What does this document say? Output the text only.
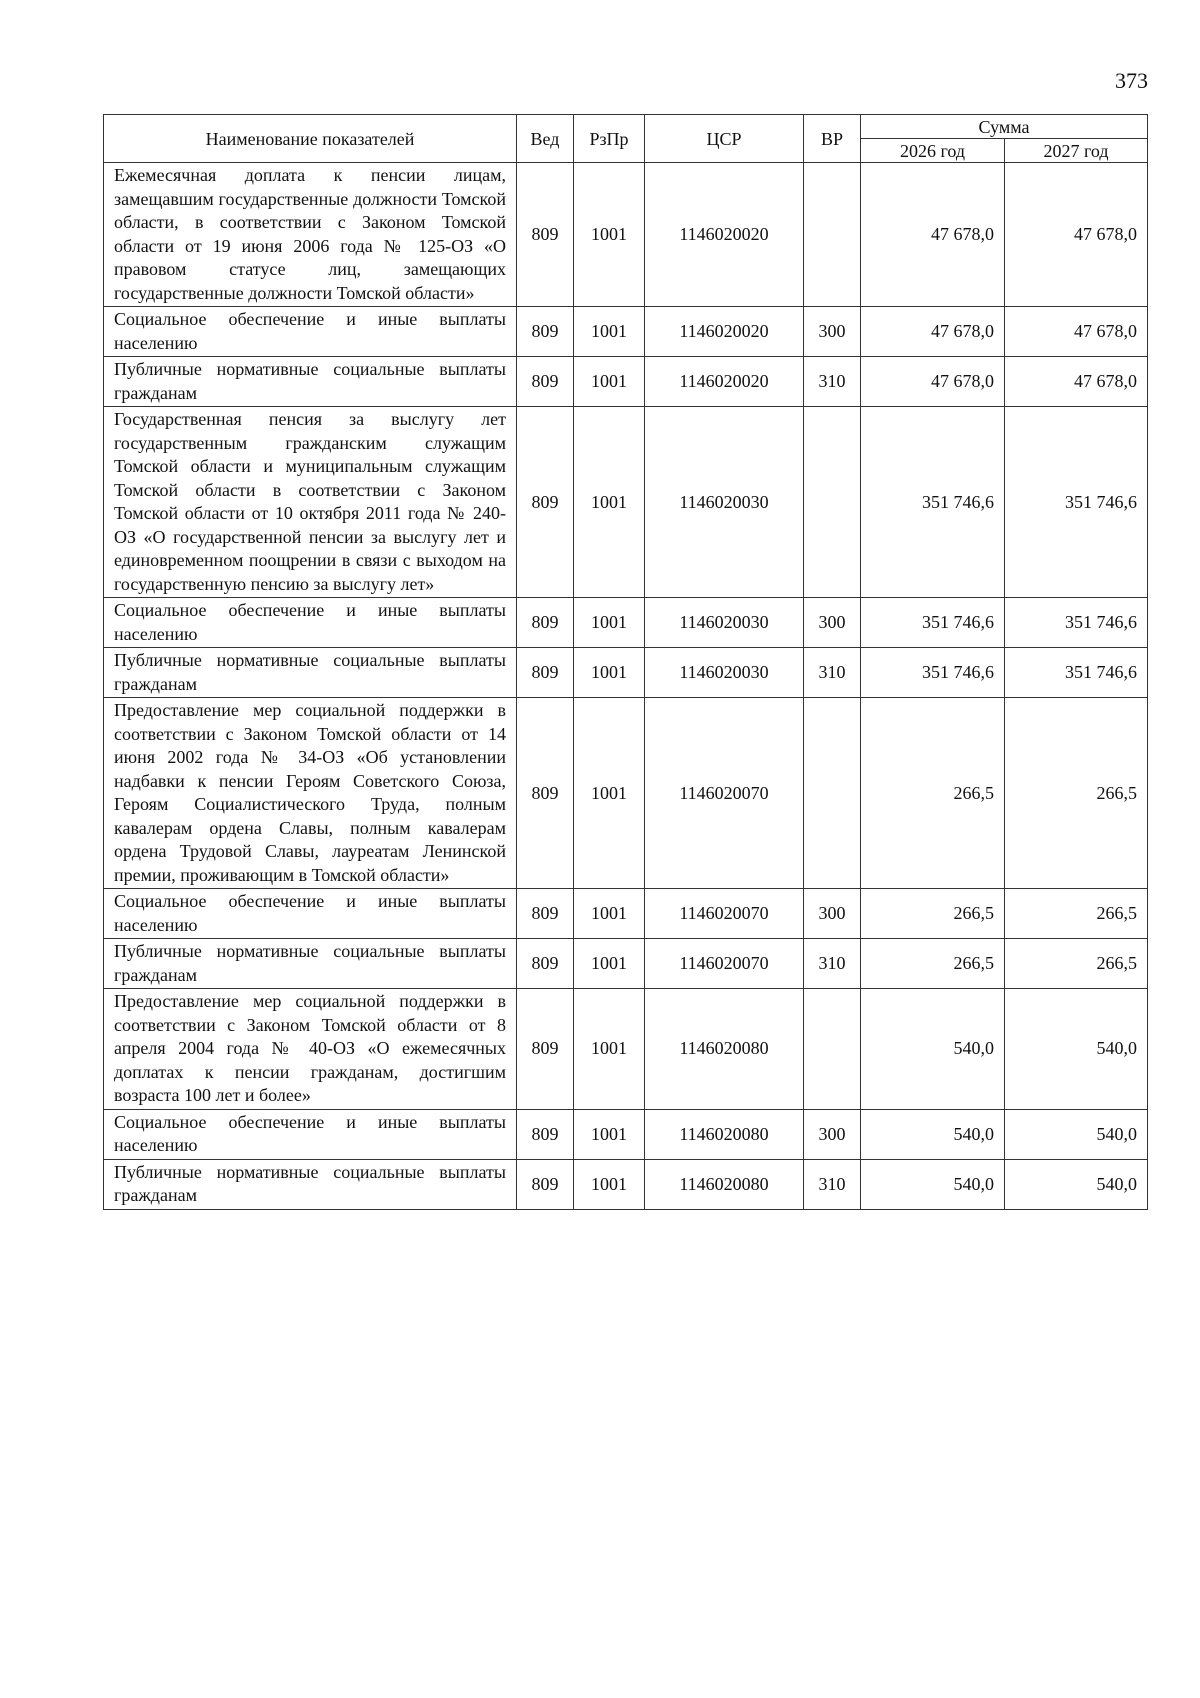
373
Наименование показателей	Вед	РзПр	ЦСР	ВР	Сумма	
					2026 год	2027 год
Ежемесячная доплата к пенсии лицам, замещавшим государственные должности Томской области, в соответствии с Законом Томской области от 19 июня 2006 года № 125-ОЗ «О правовом статусе лиц, замещающих государственные должности Томской области»	809	1001	1146020020		47 678,0	47 678,0
Социальное обеспечение и иные выплаты населению	809	1001	1146020020	300	47 678,0	47 678,0
Публичные нормативные социальные выплаты гражданам	809	1001	1146020020	310	47 678,0	47 678,0
Государственная пенсия за выслугу лет государственным гражданским служащим Томской области и муниципальным служащим Томской области в соответствии с Законом Томской области от 10 октября 2011 года № 240-ОЗ «О государственной пенсии за выслугу лет и единовременном поощрении в связи с выходом на государственную пенсию за выслугу лет»	809	1001	1146020030		351 746,6	351 746,6
Социальное обеспечение и иные выплаты населению	809	1001	1146020030	300	351 746,6	351 746,6
Публичные нормативные социальные выплаты гражданам	809	1001	1146020030	310	351 746,6	351 746,6
Предоставление мер социальной поддержки в соответствии с Законом Томской области от 14 июня 2002 года № 34-ОЗ «Об установлении надбавки к пенсии Героям Советского Союза, Героям Социалистического Труда, полным кавалерам ордена Славы, полным кавалерам ордена Трудовой Славы, лауреатам Ленинской премии, проживающим в Томской области»	809	1001	1146020070		266,5	266,5
Социальное обеспечение и иные выплаты населению	809	1001	1146020070	300	266,5	266,5
Публичные нормативные социальные выплаты гражданам	809	1001	1146020070	310	266,5	266,5
Предоставление мер социальной поддержки в соответствии с Законом Томской области от 8 апреля 2004 года № 40-ОЗ «О ежемесячных доплатах к пенсии гражданам, достигшим возраста 100 лет и более»	809	1001	1146020080		540,0	540,0
Социальное обеспечение и иные выплаты населению	809	1001	1146020080	300	540,0	540,0
Публичные нормативные социальные выплаты гражданам	809	1001	1146020080	310	540,0	540,0
